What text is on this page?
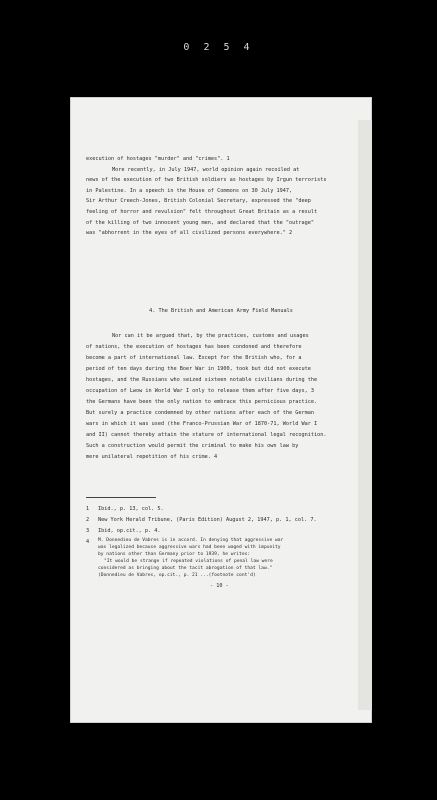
0 2 5 4
execution of hostages "murder" and "crimes". 1
More recently, in July 1947, world opinion again recoiled at
news of the execution of two British soldiers as hostages by Irgun terrorists
in Palestine. In a speech in the House of Commons on 30 July 1947,
Sir Arthur Creech-Jones, British Colonial Secretary, expressed the "deep
feeling of horror and revulsion" felt throughout Great Britain as a result
of the killing of two innocent young men, and declared that the "outrage"
was "abhorrent in the eyes of all civilized persons everywhere." 2
4. The British and American Army Field Manuals
Nor can it be argued that, by the practices, customs and usages
of nations, the execution of hostages has been condoned and therefore
become a part of international law. Except for the British who, for a
period of ten days during the Boer War in 1900, took but did not execute
hostages, and the Russians who seized sixteen notable civilians during the
occupation of Lwow in World War I only to release them after five days, 3
the Germans have been the only nation to embrace this pernicious practice.
But surely a practice condemned by other nations after each of the German
wars in which it was used (the Franco-Prussian War of 1870-71, World War I
and II) cannot thereby attain the stature of international legal recognition.
Such a construction would permit the criminal to make his own law by
mere unilateral repetition of his crime. 4
1	Ibid., p. 13, col. 5.
2	New York Herald Tribune, (Paris Edition) August 2, 1947, p. 1, col. 7.
3	Ibid, op.cit., p. 4.
4	M. Donnedieu de Vabres is in accord. In denying that aggressive war
was legalized because aggressive wars had been waged with impunity
by nations other than Germany prior to 1939, he writes:
"It would be strange if repeated violations of penal law were
considered as bringing about the tacit abrogation of that law."
(Donnedieu de Vabres, op.cit., p. 21 ...(footnote cont'd)
- 10 -
